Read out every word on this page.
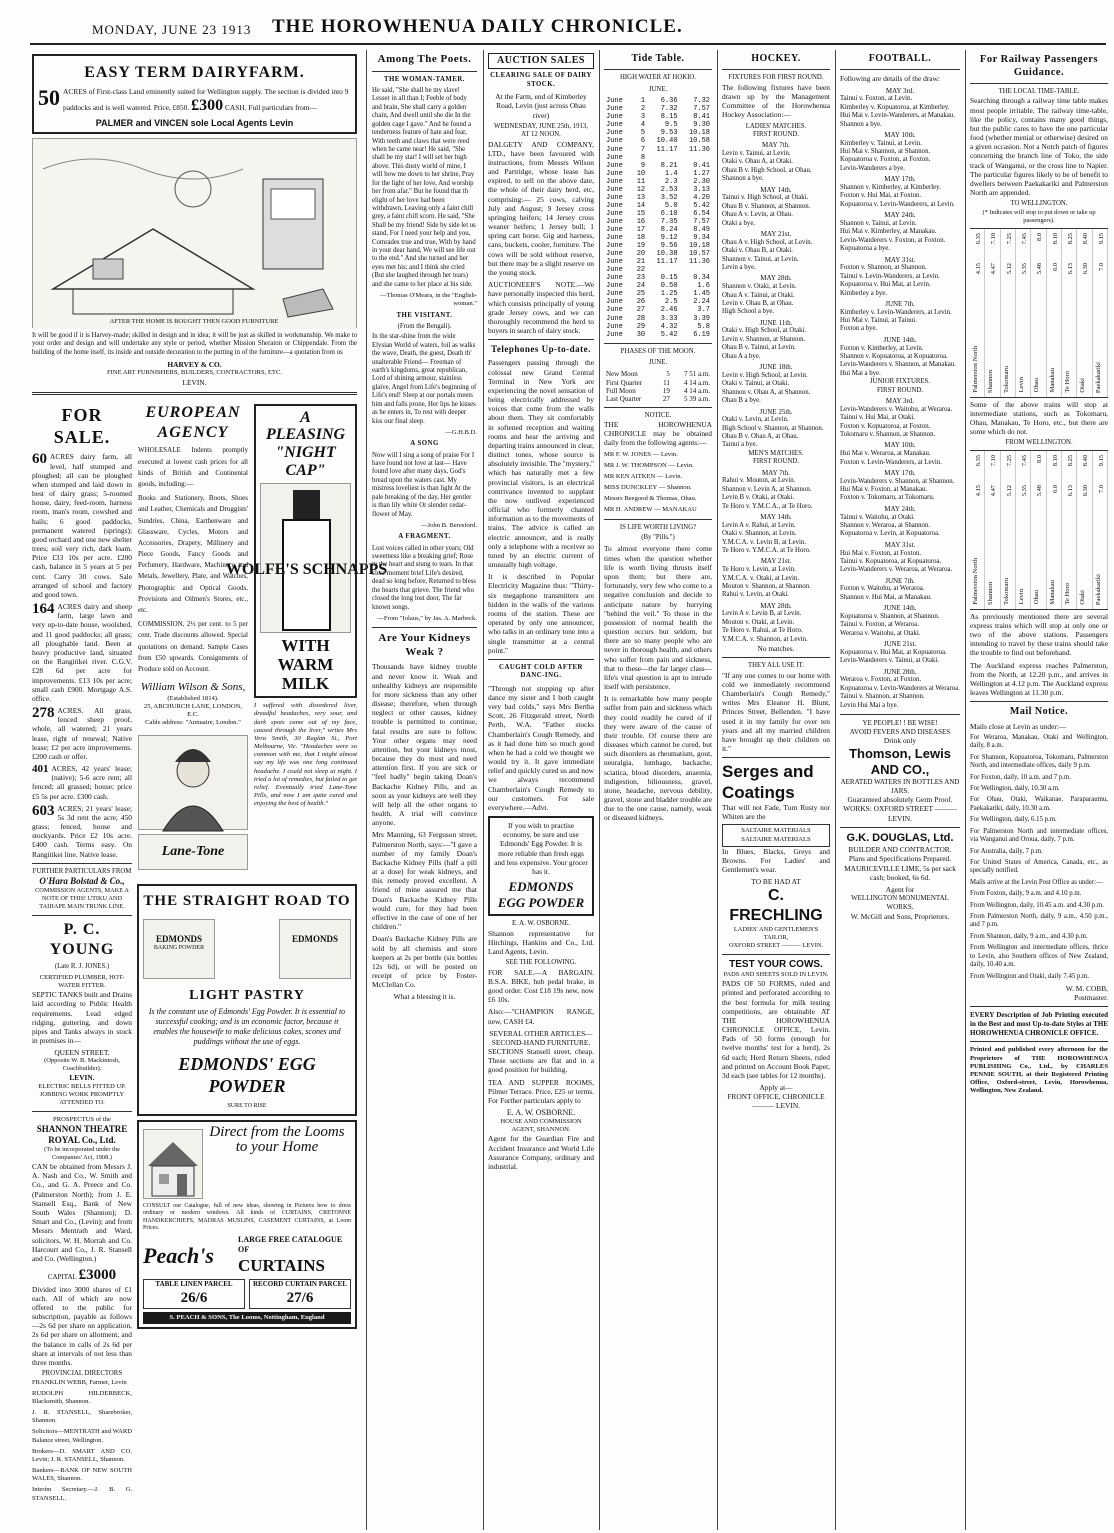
MONDAY, JUNE 23 1913 THE HOROWHENUA DAILY CHRONICLE.
EASY TERM DAIRYFARM.
50 ACRES of First-class Land eminently suited for Wellington supply. The section is divided into 9 paddocks and is well watered. Price, £850. £300 CASH. Full particulars from—
PALMER and VINCEN sole Local Agents Levin
AFTER THE HOME IS BOUGHT THEN GOOD FURNITURE

It will be good if it is Harvey-made; skilled in design and in idea; it will be just as skilled in workmanship. We make to your order and design and will undertake any style or period, whether Mission Sheraton or Chippendale. From the building of the home itself, its inside and outside decoration to the putting in of the furniture—a quotation from us

HARVEY & CO.
FINE ART FURNISHERS, BUILDERS, CONTRACTORS, ETC.
LEVIN.
FOR SALE.

60 ACRES dairy farm, all level, half stumped and ploughed; all can be ploughed when stumped and laid down in best of dairy grass; 5-roomed house, dairy, feed-room, harness room, man's room, cowshed and bails; 6 good paddocks, permanent watered (springs); good orchard and one new shelter trees; soil very rich, dark loam. Price £33 10s per acre. £200 cash, balance in 5 years at 5 per cent. Carry 30 cows. Sale arranged of school and factory and good town.

164 ACRES dairy and sheep farm, large lawn and very up-to-date house, woolshed, and 11 good paddocks; all grass; all ploughable land. Been at heavy productive land, situated on the Rangitikei river. C.G.V. £28 6d per acre for improvements. £13 10s per acre; small cash £900. Mortgage A.S. office.

278 ACRES. All grass, fenced sheep proof, whole, all watered; 21 years lease, right of renewal; Native lease; £2 per acre improvements. £200 cash or offer.

401 ACRES, 42 years' lease; (native); 5-6 acre rent; all fenced; all grassed; house; price £5 5s per acre. £300 cash.

603 ACRES; 21 years' lease; 5s 3d rent the acre; 450 grass; fenced, house and stockyards. Price £2 10s acre. £400 cash. Terms easy. On Rangitikei line. Native lease.

FURTHER PARTICULARS FROM
O'Hara Bolstad & Co.,
COMMISSION AGENTS, MAKE A NOTE OF THIS! UTIKU AND TAIHAPE MAIN TRUNK LINE.
P. C. YOUNG
(Late R. J. JONES.)
CERTIFIED PLUMBER, HOT-WATER FITTER.

SEPTIC TANKS built and Drains laid according to Public Health requirements. Lead edged ridging, guttering, and down pipes and Tanks always in stock in premises in—

QUEEN STREET.
(Opposite W. B. Mackintosh, Coachbuilder).
LEVIN.
ELECTRIC BELLS FITTED UP. JOBBING WORK PROMPTLY ATTENDED TO.
PROSPECTUS of the
SHANNON THEATRE ROYAL Co., Ltd.
(To be incorporated under the Companies' Act, 1908.)

CAN be obtained from Messrs J. A. Nash and Co., W. Smith and Co., and G. A. Preece and Co. (Palmerston North); from J. E. Stansell Esq., Bank of New South Wales (Shannon); D. Smart and Co., (Levin); and from Messrs Mentrath and Ward, solicitors, W. H. Morrah and Co. Harcourt and Co., J. R. Stansell and Co. (Wellington.)

CAPITAL £3000

Divided into 3000 shares of £1 each. All of which are now offered to the public for subscription, payable as follows—2s 6d per share on application, 2s 6d per share on allotment, and the balance in calls of 2s 6d per share at intervals of not less than three months.

PROVINCIAL DIRECTORS

FRANKLIN WEBB, Farmer, Levin

RUDOLPH HILDERBECK, Blacksmith, Shannon.

J. R. STANSELL, Sharebroker, Shannon.

Solicitors—MENTRATH and WARD Balance street, Wellington.

Brokers—D. SMART AND CO. Levin; J. R. STANSELL, Shannon.

Bankers—BANK OF NEW SOUTH WALES, Shannon.

Interim Secretary.—J. B. G. STANSELL.

EUROPEAN AGENCY

WHOLESALE Indents promptly executed at lowest cash prices for all kinds of British and Continental goods, including:—

Books and Stationery, Boots, Shoes and Leather, Chemicals and Druggists' Sundries, China, Earthenware and Glassware, Cycles, Motors and Accessories, Drapery, Millinery and Piece Goods, Fancy Goods and Perfumery, Hardware, Machinery and Metals, Jewellery, Plate, and Watches, Photographic and Optical Goods, Provisions and Oilmen's Stores, etc., etc.

COMMISSION, 2½ per cent. to 5 per cent. Trade discounts allowed. Special quotations on demand. Sample Cases from £50 upwards. Consignments of Produce sold on Account.

William Wilson & Sons,
(Established 1814).
25, ABCHURCH LANE, LONDON, E.C.
Cable address: "Annuaire, London."
Lane-Tone
A PLEASING "NIGHT CAP"
WOLFE'S SCHNAPPS
WITH WARM MILK

I suffered with disordered liver, dreadful headaches, very sour, and dark spots came out of my face, caused through the liver," writes Mrs Vera Smith, 30 Raglan St., Port Melbourne, Vic. "Headaches were so common with me, that I might almost say my life was one long continued headache. I could not sleep at night. I tried a lot of remedies, but failed to get relief. Eventually tried Lane-Tone Pills, and now I am quite cured and enjoying the best of health."

THE STRAIGHT ROAD TO
EDMONDS
BAKING POWDER
EDMONDS
LIGHT PASTRY

Is the constant use of Edmonds' Egg Powder. It is essential to successful cooking; and is an economic factor, because it enables the housewife to make delicious cakes, scones and puddings without the use of eggs.

EDMONDS' EGG POWDER
SURE TO RISE
Direct from the Looms to your Home

CONSULT our Catalogue, full of new ideas, showing in Pictures how to dress ordinary or modern windows. All kinds of CURTAINS, CRETONNE HANDKERCHIEFS, MADRAS MUSLINS, CASEMENT CURTAINS, at Loom Prices.

Peach's
LARGE FREE CATALOGUE OF
CURTAINS
TABLE LINEN PARCEL
26/6
RECORD CURTAIN PARCEL
27/6
S. PEACH & SONS, The Looms, Nottingham, England
Among The Poets.
THE WOMAN-TAMER.

He said, "She shall be my slave! Lesser in all than I; Feeble of body and brain, She shall carry a golden chain, And dwell until she die In the golden cage I gave." And he found a tenderness feature of hate and fear, With teeth and claws that were reed when he came near! He said, "She shall be my star! I will set her high above. This dusty world of mine, I will bow me down to her shrine, Pray for the light of her love, And worship her from afar." But he found that th elight of her love had been withdrawn, Leaving only a faint chill grey, a faint chill scorn. He said, "She Shall be my friend! Side by side let us stand, For I need your help and you, Comrades true and true, With by hand in your dear hand, We will see life out to the end." And she turned and her eyes met his; and I think she cried (But she laughed through her tears) and she came to her place at his side.

—Thomas O'Meara, in the "English-woman."

THE VISITANT.
(From the Bengali).

In the star-shine from the wide Elysian World of waters, foil as walks the wave, Death, the guest, Death th' unalterable Friend— Freeman of earth's kingdoms, great republican, Lord of shining armour, stainless glaive, Angel from Life's beginning of Life's end! Sleep at our portals meets him and falls prone, Her lips he kisses as he enters in, To rest with deeper kiss our final sleep.

—G.H.B.D.

A SONG

Now will I sing a song of praise For I have found not love at last— Have found love after many days, God's bread upon the waters cast. My mistress loveliest is than light At the pale breaking of the day, Her gentler is than lily white Or slender cedar-flower of May.

—John B. Beresford.

A FRAGMENT.

Lost voices called in other years; Old sweetness like a breaking grief; Rose in the heart and stung to tears. In that clear moment brief Life's desired, dead so long before, Returned to bless the hearts that grieve. The friend who closed the long lost door, The far known songs.

—From "Iolaus," by Jas. A. Marbeck.

Are Your Kidneys Weak ?

Thousands have kidney trouble and never know it. Weak and unhealthy kidneys are responsible for more sickness than any other disease; therefore, when through neglect or other causes, kidney trouble is permitted to continue, fatal results are sure to follow. Your other organs may need attention, but your kidneys most, because they do most and need attention first. If you are sick or "feel badly" begin taking Doan's Backache Kidney Pills, and as soon as your kidneys are well they will help all the other organs to health. A trial will convince anyone.

Mrs Manning, 63 Ferguson street, Palmerston North, says:—"I gave a number of my family Doan's Backache Kidney Pills (half a pill at a dose) for weak kidneys, and this remedy proved excellent. A friend of mine assured me that Doan's Backache Kidney Pills would cure, for they had been effective in the case of one of her children."

Doan's Backache Kidney Pills are sold by all chemists and store keepers at 2s per bottle (six bottles 12s 6d), or will be posted on receipt of price by Foster-McClellan Co.

What a blessing it is.
AUCTION SALES
CLEARING SALE OF DAIRY STOCK.

At the Farm, end of Kimberley Road, Levin (just across Ohau river)

WEDNESDAY, JUNE 25th, 1913,
AT 12 NOON.

DALGETY AND COMPANY, LTD., have been favoured with instructions, from Messrs Wilson and Partridge, whose lease has expired, to sell on the above date, the whole of their dairy herd, etc, comprising:— 25 cows, calving July and August; 9 Jersey cross springing heifers; 14 Jersey cross weaner heifers; 1 Jersey bull; 1 spring cart horse. Gig and harness, cans, buckets, cooler, furniture. The cows will be sold without reserve, but there may be a slight reserve on the young stock.

AUCTIONEER'S NOTE.—We have personally inspected this herd, which consists principally of young grade Jersey cows, and we can thoroughly recommend the herd to buyers in search of dairy stock.

Telephones Up-to-date.

Passengers passing through the colossal new Grand Central Terminal in New York are experiencing the novel sensation of being electrically addressed by voices that come from the walls about them. They sit comfortably in softened reception and waiting rooms and hear the arriving and departing trains announced in clear, distinct tones, whose source is absolutely invisible. The "mystery," which has naturally met a few provincial visitors, is an electrical contrivance invented to supplant the now outlived experienced official who formerly chanted information as to the movements of trains. The advice is called an electric announcer, and is really only a telephone with a receiver so tuned by an electric current of unusually high voltage.

It is described in Popular Electricity Magazine thus: "Thirty-six megaphone transmitters are hidden in the walls of the various rooms of the station. These are operated by only one announcer, who talks in an ordinary tone into a single transmitter at a central point."

CAUGHT COLD AFTER DANC-ING.

"Through not stopping up after dance my sister and I both caught very bad colds," says Mrs Bertha Scott, 26 Fitzgerald street, North Perth, W.A. "Father stocks Chamberlain's Cough Remedy, and as it had done him so much good when he had a cold we thought we would try it. It gave immediate relief and quickly cured us and now we always recommend Chamberlain's Cough Remedy to our customers. For sale everywhere.—Advt.

If you wish to practise economy, be sure and use Edmonds' Egg Powder. It is more reliable than fresh eggs and less expensive. Your grocer has it.

EDMONDS EGG POWDER
E. A. W. OSBORNE.

Shannon representative for Hitchings, Hankins and Co., Ltd. Land Agents, Levin.

SEE THE FOLLOWING.

FOR SALE.—A BARGAIN. B.S.A. BIKE, hub pedal brake, in good order. Cost £18 19s new, now £6 10s.

Also:—"CHAMPION RANGE, new, CASH £4.

SEVERAL OTHER ARTICLES—
SECOND-HAND FURNITURE.

SECTIONS Stansell street, cheap. These sections are flat and in a good position for building.

TEA AND SUPPER ROOMS, Pilmer Terrace. Price, £25 or terms. For Further particulars apply to

E. A. W. OSBORNE.
HOUSE AND COMMISSION AGENT, SHANNON.

Agent for the Guardian Fire and Accident Insurance and World Life Assurance Company, ordinary and industrial.

Tide Table.
HIGH WATER AT HOKIO.
JUNE.
June	1	6.36	7.32
June	2	7.32	7.57
June	3	8.15	8.41
June	4	9.5	9.30
June	5	9.53	10.18
June	6	10.40	10.58
June	7	11.17	11.36
June	8		
June	9	8.21	0.41
June	10	1.4	1.27
June	11	2.3	2.30
June	12	2.53	3.13
June	13	3.52	4.20
June	14	5.0	5.42
June	15	6.10	6.54
June	16	7.35	7.57
June	17	8.24	8.49
June	18	9.12	9.34
June	19	9.56	10.18
June	20	10.38	10.57
June	21	11.17	11.36
June	22		
June	23	0.15	0.34
June	24	0.50	1.6
June	25	1.25	1.45
June	26	2.5	2.24
June	27	2.46	3.7
June	28	3.33	3.39
June	29	4.32	5.8
June	30	5.42	6.19
PHASES OF THE MOON.
JUNE.
New Moon	5	7 51 a.m.
First Quarter	11	4 14 a.m.
Full Moon	19	4 14 a.m.
Last Quarter	27	5 39 a.m.
NOTICE.

THE HOROWHENUA CHRONICLE may be obtained daily from the following agents:—

MR F. W. JONES — Levin.

MR J. W. THOMPSON — Levin.

MR KEN AITKEN — Levin.

MISS DUNCKLEY — Shannon.

Messrs Beegood & Thomas, Ohau.

MR H. ANDREW — MANAKAU

IS LIFE WORTH LIVING?
(By "Pills.")

To almost everyone there come times when the question whether life is worth living thrusts itself upon them; but there are, fortunately, very few who come to a negative conclusion and decide to anticipate nature by hurrying "behind the veil." To those in the possession of normal health the question occurs but seldom, but there are so many people who are never in thorough health, and others who suffer from pain and sickness, that to these—the far larger class—life's vital question is apt to intrude itself with persistence.

It is remarkable how many people suffer from pain and sickness which they could readily be cured of if they were aware of the cause of their trouble. Of course there are diseases which cannot be cured, but such disorders as rheumatism, gout, neuralgia, lumbago, backache, sciatica, blood disorders, anaemia, indigestion, biliousness, gravel, stone, headache, nervous debility, gravel, stone and bladder trouble are due to the one cause, namely, weak or diseased kidneys.

HOCKEY.
FIXTURES FOR FIRST ROUND.

The following fixtures have been drawn up by the Management Committee of the Horowhenua Hockey Association:—

LADIES' MATCHES.
FIRST ROUND.
MAY 7th.
Levin v. Tainui, at Levin.
Otaki v. Ohau A, at Otaki.
Ohau B v. High School, at Ohau.
Shannon a bye.
MAY 14th.
Tainui v. High School, at Otaki.
Ohau B v. Shannon, at Shannon.
Ohau A v. Levin, at Ohau.
Otaki a bye.
MAY 21st.
Ohau A v. High School, at Levin.
Otaki v. Ohau B, at Otaki.
Shannon v. Tainui, at Levin.
Levin a bye.
MAY 28th.
Shannon v. Otaki, at Levin.
Ohau A v. Tainui, at Otaki.
Levin v. Ohau B, at Ohau.
High School a bye.
JUNE 11th.
Otaki v. High School, at Otaki.
Levin v. Shannon, at Shannon.
Ohau B v. Tainui, at Levin.
Ohau A a bye.
JUNE 18th.
Levin v. High School, at Levin.
Otaki v. Tainui, at Otaki.
Shannon v. Ohau A, at Shannon.
Ohau B a bye.
JUNE 25th.
Otaki v. Levin, at Levin.
High School v. Shannon, at Shannon.
Ohau B v. Ohau A, at Ohau.
Tainui a bye.
MEN'S MATCHES.
FIRST ROUND.
MAY 7th.
Rahui v. Mouton, at Levin.
Shannon v. Levin A, at Shannon.
Levin B v. Otaki, at Otaki.
Te Horo v. Y.M.C.A., at Te Horo.
MAY 14th.
Levin A v. Rahui, at Levin.
Otaki v. Shannon, at Levin.
Y.M.C.A. v. Levin B, at Levin.
Te Horo v. Y.M.C.A. at Te Horo.
MAY 21st.
Te Horo v. Levin, at Levin.
Y.M.C.A. v. Otaki, at Levin.
Mouton v. Shannon, at Shannon.
Rahui v. Levin, at Otaki.
MAY 28th.
Levin A v. Levin B, at Levin.
Mouton v. Otaki, at Levin.
Te Horo v. Rahui, at Te Horo.
Y.M.C.A. v. Shannon, at Levin.
No matches.
THEY ALL USE IT.

"If any one comes to our home with cold we immediately recommend Chamberlain's Cough Remedy," writes Mrs Eleanor H. Blunt, Princes Street, Bellenden. "I have used it in my family for over ten years and all my married children have brought up their children on it."

Serges and Coatings

That will not Fade, Turn Rusty nor Whiten are the

SALTAIRE MATERIALS
SALTAIRE MATERIALS

In Blues, Blacks, Greys and Browns. For Ladies' and Gentlemen's wear.

TO BE HAD AT
C. FRECHLING
LADIES' AND GENTLEMEN'S TAILOR,
OXFORD STREET ——— LEVIN.
TEST YOUR COWS.
PADS AND SHEETS SOLD IN LEVIN.

PADS OF 50 FORMS, ruled and printed and perforated according to the best formula for milk testing competitions, are obtainable AT THE HOROWHENUA CHRONICLE OFFICE, Levin. Pads of 50 forms (enough for twelve months' test for a herd), 2s 6d each; Herd Return Sheets, ruled and printed on Account Book Paper, 3d each (see tables for 12 months).

Apply at—
FRONT OFFICE, CHRONICLE ——— LEVIN.
FOOTBALL.

Following are details of the draw:

MAY 3rd.
Tainui v. Foxton, at Levin.
Kimberley v. Kopuatoroa, at Kimberley.
Hui Mai v. Levin-Wanderers, at Manakau.
Shannon a bye.
MAY 10th.
Kimberley v. Tainui, at Levin.
Hui Mai v. Shannon, at Shannon.
Kopuatoroa v. Foxton, at Foxton.
Levin-Wanderers a bye.
MAY 17th.
Shannon v. Kimberley, at Kimberley.
Foxton v. Hui Mai, at Foxton.
Kopuatoroa v. Levin-Wanderers, at Levin.
MAY 24th.
Shannon v. Tainui, at Levin.
Hui Mai v. Kimberley, at Manakau.
Levin-Wanderers v. Foxton, at Foxton.
Kopuatoroa a bye.
MAY 31st.
Foxton v. Shannon, at Shannon.
Tainui v. Levin-Wanderers, at Levin.
Kopuatoroa v. Hui Mai, at Levin.
Kimberley a bye.
JUNE 7th.
Kimberley v. Levin-Wanderers, at Levin.
Hui Mai v. Tainui, at Tainui.
Foxton a bye.
JUNE 14th.
Foxton v. Kimberley, at Levin.
Shannon v. Kopuatoroa, at Kopuatoroa.
Levin-Wanderers v. Shannon, at Manakau.
Hui Mai a bye.
JUNIOR FIXTURES.
FIRST ROUND.
MAY 3rd.
Levin-Wanderers v. Waitohu, at Weraroa.
Tainui v. Hui Mai, at Otaki.
Foxton v. Kopuatoroa, at Foxton.
Tokomaru v. Shannon, at Shannon.
MAY 10th.
Hui Mai v. Weraroa, at Manakau.
Foxton v. Levin-Wanderers, at Levin.
MAY 17th.
Levin-Wanderers v. Shannon, at Shannon.
Hui Mai v. Foxton, at Manakau.
Foxton v. Tokomaru, at Tokomaru.
MAY 24th.
Tainui v. Waitohu, at Otaki.
Shannon v. Weraroa, at Shannon.
Kopuatoroa v. Levin, at Kopuatoroa.
MAY 31st.
Hui Mai v. Foxton, at Foxton.
Tainui v. Kopuatoroa, at Kopuatoroa.
Levin-Wanderers v. Weraroa, at Weraroa.
JUNE 7th.
Foxton v. Waitohu, at Weraroa.
Shannon v. Hui Mai, at Manakau.
JUNE 14th.
Kopuatoroa v. Shannon, at Shannon.
Tainui v. Foxton, at Weraroa.
Weraroa v. Waitohu, at Otaki.
JUNE 21st.
Kopuatoroa v. Hui Mai, at Kopuatoroa.
Levin-Wanderers v. Tainui, at Otaki.
JUNE 28th.
Weraroa v. Foxton, at Foxton.
Kopuatoroa v. Levin-Wanderers at Weraroa.
Tainui v. Shannon, at Shannon.
Levin Hui Mai a bye.
YE PEOPLE! ! BE WISE!
AVOID FEVERS AND DISEASES
Drink only
Thomson, Lewis AND CO.,
AERATED WATERS IN BOTTLES AND JARS.
Guaranteed absolutely Germ Proof.
WORKS: OXFORD STREET ——— LEVIN.
G.K. DOUGLAS, Ltd.
BUILDER AND CONTRACTOR.
Plans and Specifications Prepared.

MAURICEVILLE LIME, 5s per sack cash; booked, 6s 6d.

Agent for
WELLINGTON MONUMENTAL WORKS.
W. McGill and Sons, Proprietors.
For Railway Passengers Guidance.
THE LOCAL TIME-TABLE.

Searching through a railway time table makes most people irritable. The railway time-table, like the policy, contains many good things, but the public cares to have the one particular food (whether menial or otherwise) desired on a given occasion. Not a Notch patch of figures concerning the branch line of Toko, the side track of Wanganui, or the cross line to Napier. The particular figures likely to be of benefit to dwellers between Paekakariki and Palmerston North are appended.

TO WELLINGTON.

(* Indicates will stop to put down or take up passengers).

6.35
4.15
Palmerston North
7.10
4.47
Shannon
7.25
5.12
Tokomaru
7.45
5.35
Levin
8.0
5.48
Ohau
8.10
6.0
Manakau
8.25
6.13
Te Horo
8.40
6.30
Otaki
9.15
7.0
Paekakariki

Some of the above trains will stop at intermediate stations, such as Tokomaru, Ohau, Manakau, Te Horo, etc., but there are some which do not.

FROM WELLINGTON.
6.35
4.15
Palmerston North
7.10
4.47
Shannon
7.25
5.12
Tokomaru
7.45
5.35
Levin
8.0
5.48
Ohau
8.10
6.0
Manakau
8.25
6.13
Te Horo
8.40
6.30
Otaki
9.15
7.0
Paekakariki

As previously mentioned there are several express trains which will stop at only one or two of the above stations. Passengers intending to travel by these trains should take the trouble to find out beforehand.

The Auckland express reaches Palmerston, from the North, at 12.20 p.m., and arrives in Wellington at 4.12 p.m. The Auckland express leaves Wellington at 11.30 p.m.

Mail Notice.

Mails close at Levin as under:—

For Weraroa, Manakau, Otaki and Wellington, daily, 8 a.m.

For Shannon, Kopuatoroa, Tokomaru, Palmerston North, and intermediate offices, daily 9 p.m.

For Foxton, daily, 10 a.m. and 7 p.m.

For Wellington, daily, 10.30 a.m.

For Ohau, Otaki, Waikanae, Paraparaumu, Paekakariki, daily, 10.30 a.m.

For Wellington, daily, 6.15 p.m.

For Palmerston North and intermediate offices, via Wanganui and Oroua, daily, 7 p.m.

For Australia, daily, 7 p.m.

For United States of America, Canada, etc., as specially notified.

Mails arrive at the Levin Post Office as under:—

From Foxton, daily, 9 a.m. and 4.10 p.m.

From Wellington, daily, 10.45 a.m. and 4.30 p.m.

From Palmerston North, daily, 9 a.m., 4.50 p.m., and 7 p.m.

From Shannon, daily, 9 a.m., and 4.30 p.m.

From Wellington and intermediate offices, thrice to Levin, also Southern offices of New Zealand, daily, 10.40 a.m.

From Wellington and Otaki, daily 7.45 p.m.

W. M. COBB,
Postmaster.

EVERY Description of Job Printing executed in the Best and most Up-to-date Styles at THE HOROWHENUA CHRONICLE OFFICE.

Printed and published every afternoon for the Proprietors of THE HOROWHENUA PUBLISHING Co., Ltd., by CHARLES PENNIE SOUTH, at their Registered Printing Office, Oxford-street, Levin, Horowhenua, Wellington, New Zealand.
